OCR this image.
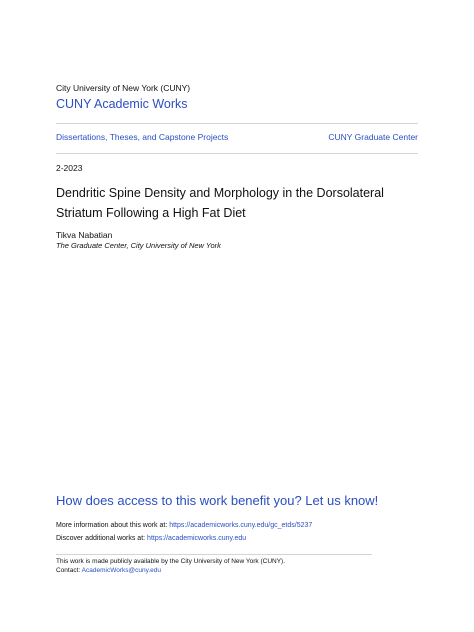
City University of New York (CUNY)
CUNY Academic Works
Dissertations, Theses, and Capstone Projects	CUNY Graduate Center
2-2023
Dendritic Spine Density and Morphology in the Dorsolateral Striatum Following a High Fat Diet
Tikva Nabatian
The Graduate Center, City University of New York
How does access to this work benefit you? Let us know!
More information about this work at: https://academicworks.cuny.edu/gc_etds/5237
Discover additional works at: https://academicworks.cuny.edu
This work is made publicly available by the City University of New York (CUNY).
Contact: AcademicWorks@cuny.edu
